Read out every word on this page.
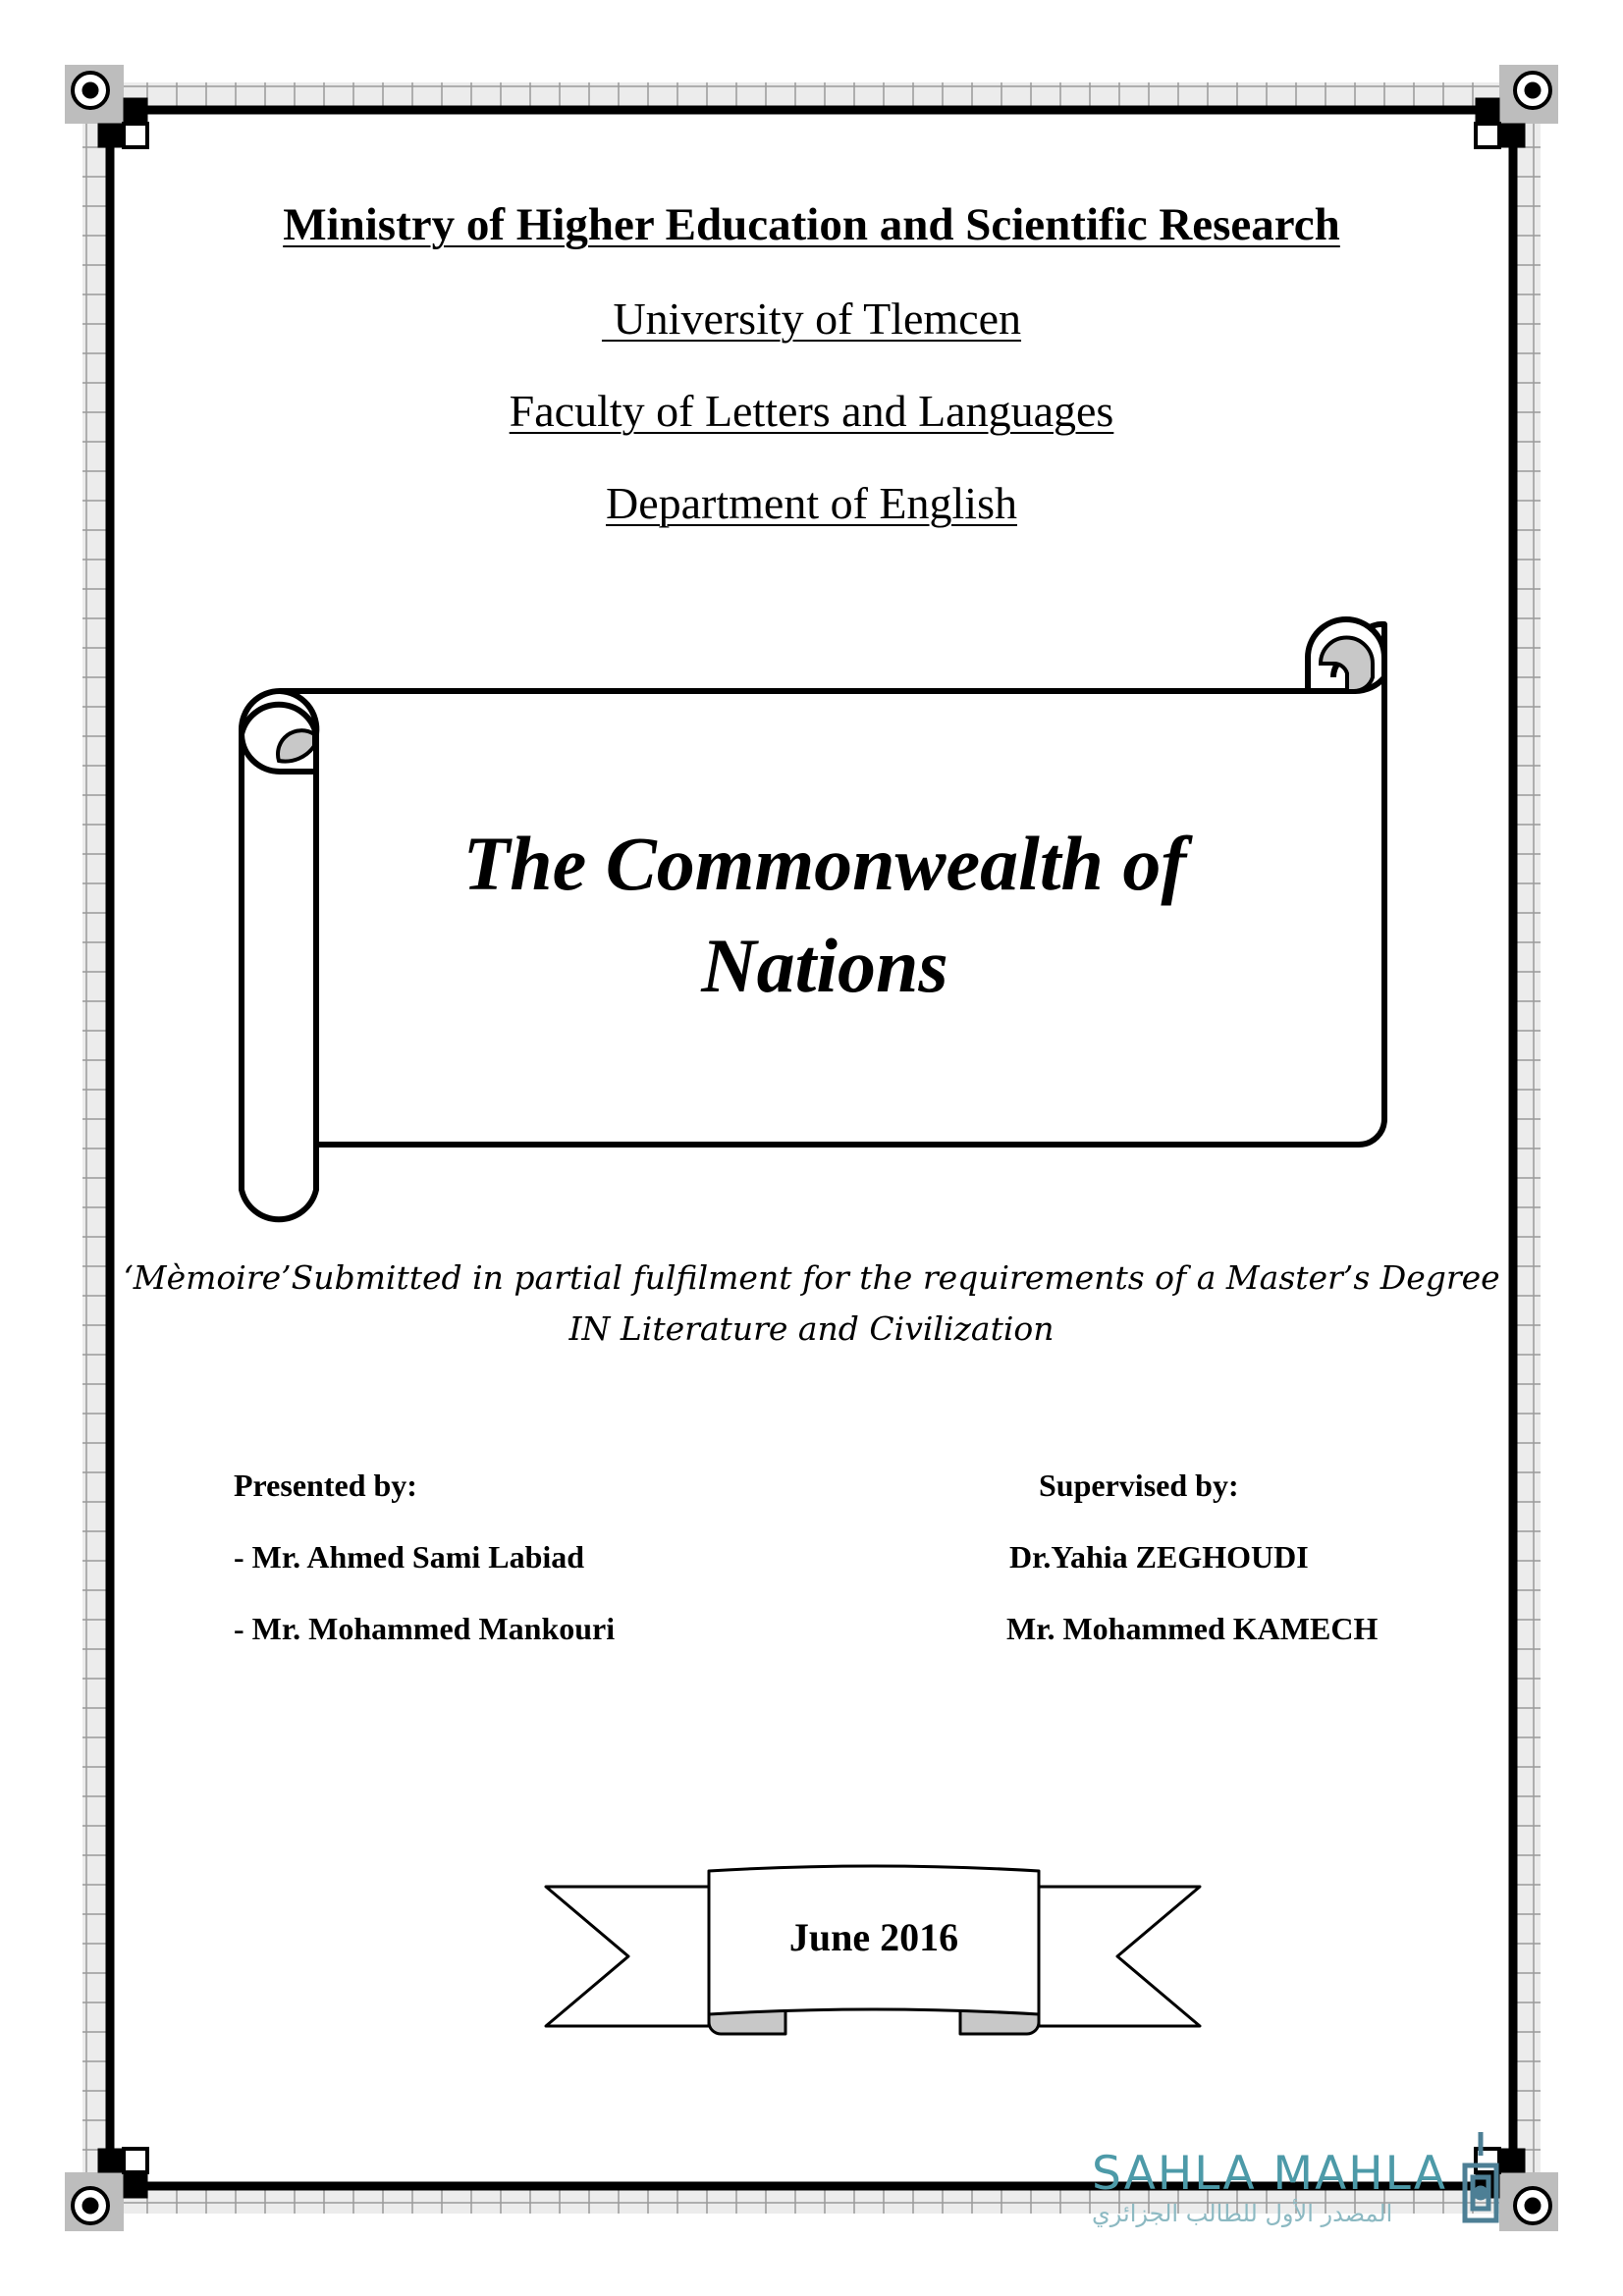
Ministry of Higher Education and Scientific Research
University of Tlemcen
Faculty of Letters and Languages
Department of English
The Commonwealth of
Nations
‘Mèmoire’Submitted in partial fulfilment for the requirements of a Master’s Degree
IN Literature and Civilization
Presented by:
- Mr. Ahmed Sami Labiad
- Mr. Mohammed Mankouri
Supervised by:
Dr.Yahia ZEGHOUDI
Mr. Mohammed KAMECH
June 2016
SAHLA MAHLA
المصدر الأول للطالب الجزائري
